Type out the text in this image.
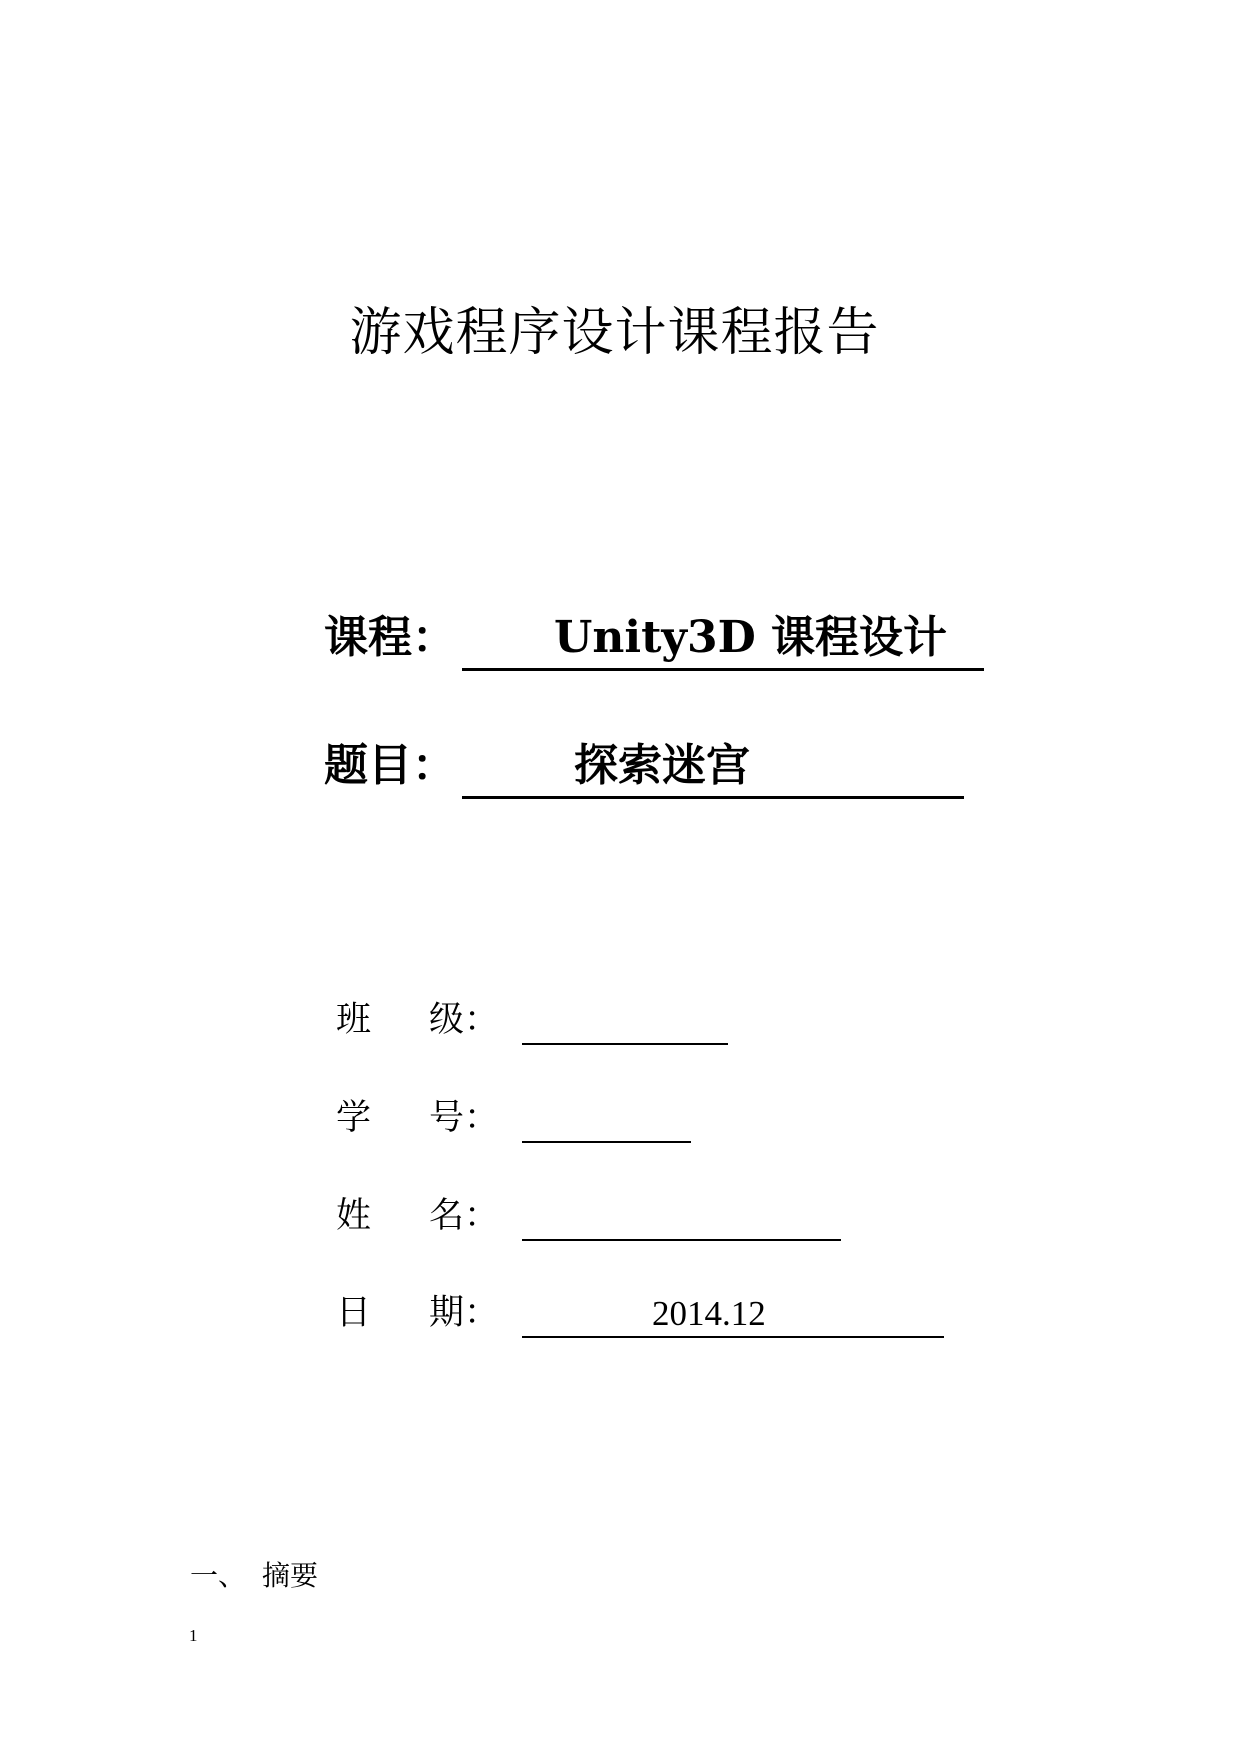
游戏程序设计课程报告
课程： Unity3D 课程设计
题目：	探索迷宫
班 级：
学 号：
姓 名：
日 期：	2014.12
一、 摘要
1
